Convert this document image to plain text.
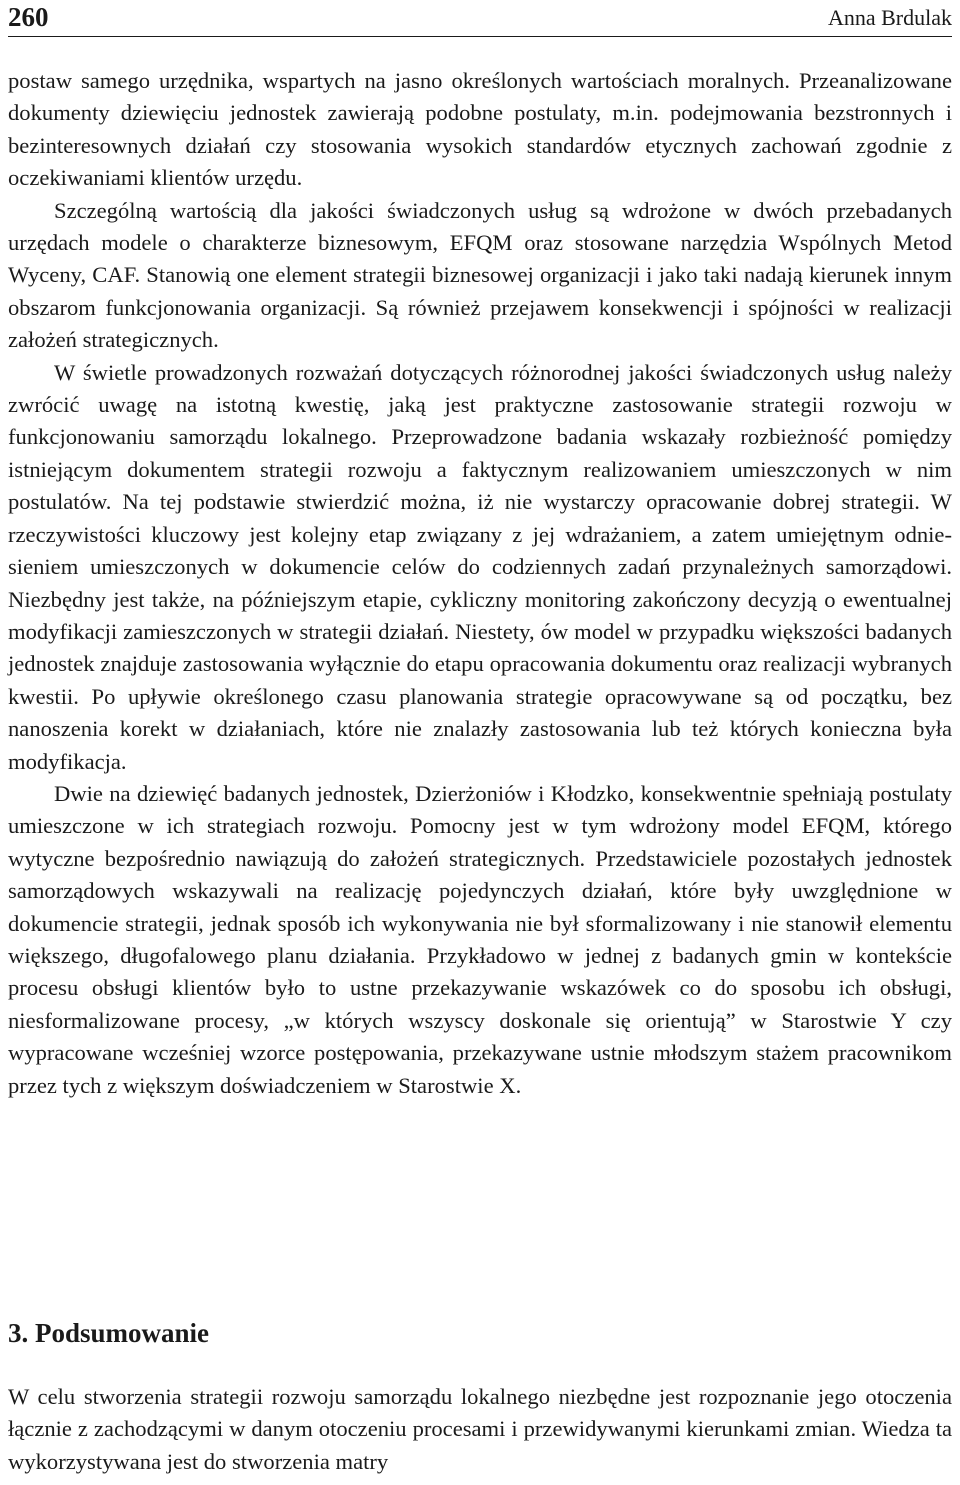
260	Anna Brdulak

postaw samego urzędnika, wspartych na jasno określonych wartościach moralnych. Przeanalizowane dokumenty dziewięciu jednostek zawierają podobne postulaty, m.in. podejmowania bezstronnych i bezinteresownych działań czy stosowania wysokich standardów etycznych zachowań zgodnie z oczekiwaniami klientów urzędu.

Szczególną wartością dla jakości świadczonych usług są wdrożone w dwóch przebadanych urzędach modele o charakterze biznesowym, EFQM oraz stosowane narzędzia Wspólnych Metod Wyceny, CAF. Stanowią one element strategii biznesowej organizacji i jako taki nadają kierunek innym obszarom funkcjonowania organizacji. Są również przejawem konsekwencji i spójności w realizacji założeń strategicznych.

W świetle prowadzonych rozważań dotyczących różnorodnej jakości świadczonych usług należy zwrócić uwagę na istotną kwestię, jaką jest praktyczne zastosowanie strategii rozwoju w funkcjonowaniu samorządu lokalnego. Przeprowadzone badania wskazały rozbieżność pomiędzy istniejącym dokumentem strategii rozwoju a faktycznym realizowaniem umieszczonych w nim postulatów. Na tej podstawie stwierdzić można, iż nie wystarczy opracowanie dobrej strategii. W rzeczywistości kluczowy jest kolejny etap związany z jej wdrażaniem, a zatem umiejętnym odniesieniem umieszczonych w dokumencie celów do codziennych zadań przynależnych samorządowi. Niezbędny jest także, na późniejszym etapie, cykliczny monitoring zakończony decyzją o ewentualnej modyfikacji zamieszczonych w strategii działań. Niestety, ów model w przypadku większości badanych jednostek znajduje zastosowania wyłącznie do etapu opracowania dokumentu oraz realizacji wybranych kwestii. Po upływie określonego czasu planowania strategie opracowywane są od początku, bez nanoszenia korekt w działaniach, które nie znalazły zastosowania lub też których konieczna była modyfikacja.

Dwie na dziewięć badanych jednostek, Dzierżoniów i Kłodzko, konsekwentnie spełniają postulaty umieszczone w ich strategiach rozwoju. Pomocny jest w tym wdrożony model EFQM, którego wytyczne bezpośrednio nawiązują do założeń strategicznych. Przedstawiciele pozostałych jednostek samorządowych wskazywali na realizację pojedynczych działań, które były uwzględnione w dokumencie strategii, jednak sposób ich wykonywania nie był sformalizowany i nie stanowił elementu większego, długofalowego planu działania. Przykładowo w jednej z badanych gmin w kontekście procesu obsługi klientów było to ustne przekazywanie wskazówek co do sposobu ich obsługi, niesformalizowane procesy, „w których wszyscy doskonale się orientują” w Starostwie Y czy wypracowane wcześniej wzorce postępowania, przekazywane ustnie młodszym stażem pracownikom przez tych z większym doświadczeniem w Starostwie X.

3. Podsumowanie

W celu stworzenia strategii rozwoju samorządu lokalnego niezbędne jest rozpoznanie jego otoczenia łącznie z zachodzącymi w danym otoczeniu procesami i przewidywanymi kierunkami zmian. Wiedza ta wykorzystywana jest do stworzenia matry
